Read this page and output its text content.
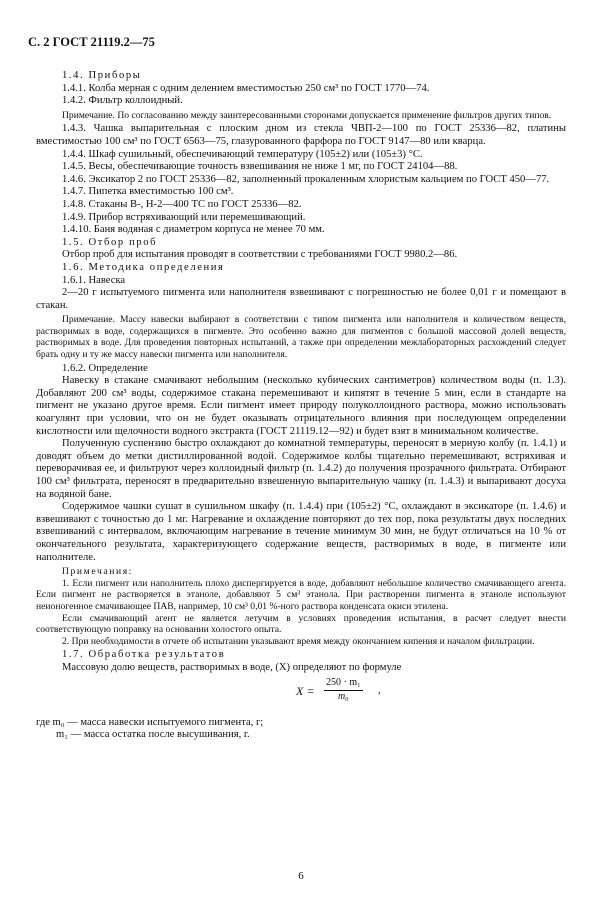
С. 2 ГОСТ 21119.2—75

1.4. Приборы

1.4.1. Колба мерная с одним делением вместимостью 250 см³ по ГОСТ 1770—74.

1.4.2. Фильтр коллоидный.

Примечание. По согласованию между заинтересованными сторонами допускается применение фильтров других типов.

1.4.3. Чашка выпарительная с плоским дном из стекла ЧВП-2—100 по ГОСТ 25336—82, платины вместимостью 100 см³ по ГОСТ 6563—75, глазурованного фарфора по ГОСТ 9147—80 или кварца.

1.4.4. Шкаф сушильный, обеспечивающий температуру (105±2) или (105±3) °С.

1.4.5. Весы, обеспечивающие точность взвешивания не ниже 1 мг, по ГОСТ 24104—88.

1.4.6. Эксикатор 2 по ГОСТ 25336—82, заполненный прокаленным хлористым кальцием по ГОСТ 450—77.

1.4.7. Пипетка вместимостью 100 см³.

1.4.8. Стаканы В-, Н-2—400 ТС по ГОСТ 25336—82.

1.4.9. Прибор встряхивающий или перемешивающий.

1.4.10. Баня водяная с диаметром корпуса не менее 70 мм.

1.5. Отбор проб

Отбор проб для испытания проводят в соответствии с требованиями ГОСТ 9980.2—86.

1.6. Методика определения

1.6.1. Навеска

2—20 г испытуемого пигмента или наполнителя взвешивают с погрешностью не более 0,01 г и помещают в стакан.

Примечание. Массу навески выбирают в соответствии с типом пигмента или наполнителя и количеством веществ, растворимых в воде, содержащихся в пигменте. Это особенно важно для пигментов с большой массовой долей веществ, растворимых в воде. Для проведения повторных испытаний, а также при определении межлабораторных расхождений следует брать одну и ту же массу навески пигмента или наполнителя.

1.6.2. Определение

Навеску в стакане смачивают небольшим (несколько кубических сантиметров) количеством воды (п. 1.3). Добавляют 200 см³ воды, содержимое стакана перемешивают и кипятят в течение 5 мин, если в стандарте на пигмент не указано другое время. Если пигмент имеет природу полуколлоидного раствора, можно использовать коагулянт при условии, что он не будет оказывать отрицательного влияния при последующем определении кислотности или щелочности водного экстракта (ГОСТ 21119.12—92) и будет взят в минимальном количестве.

Полученную суспензию быстро охлаждают до комнатной температуры, переносят в мерную колбу (п. 1.4.1) и доводят объем до метки дистиллированной водой. Содержимое колбы тщательно перемешивают, встряхивая и переворачивая ее, и фильтруют через коллоидный фильтр (п. 1.4.2) до получения прозрачного фильтрата. Отбирают 100 см³ фильтрата, переносят в предварительно взвешенную выпарительную чашку (п. 1.4.3) и выпаривают досуха на водяной бане.

Содержимое чашки сушат в сушильном шкафу (п. 1.4.4) при (105±2) °С, охлаждают в эксикаторе (п. 1.4.6) и взвешивают с точностью до 1 мг. Нагревание и охлаждение повторяют до тех пор, пока результаты двух последних взвешиваний с интервалом, включающим нагревание в течение минимум 30 мин, не будут отличаться на 10 % от окончательного результата, характеризующего содержание веществ, растворимых в воде, в пигменте или наполнителе.

Примечания:

1. Если пигмент или наполнитель плохо диспергируется в воде, добавляют небольшое количество смачивающего агента. Если пигмент не растворяется в этаноле, добавляют 5 см³ этанола. При растворении пигмента в этаноле используют неионогенное смачивающее ПАВ, например, 10 см³ 0,01 %-ного раствора конденсата окиси этилена.

Если смачивающий агент не является летучим в условиях проведения испытания, в расчет следует внести соответствующую поправку на основании холостого опыта.

2. При необходимости в отчете об испытании указывают время между окончанием кипения и началом фильтрации.

1.7. Обработка результатов

Массовую долю веществ, растворимых в воде, (X) определяют по формуле

$X = \frac{\text{250 · m₁}}{\text{m₀}}$ ,

где m₀ — масса навески испытуемого пигмента, г;

m₁ — масса остатка после высушивания, г.

6
